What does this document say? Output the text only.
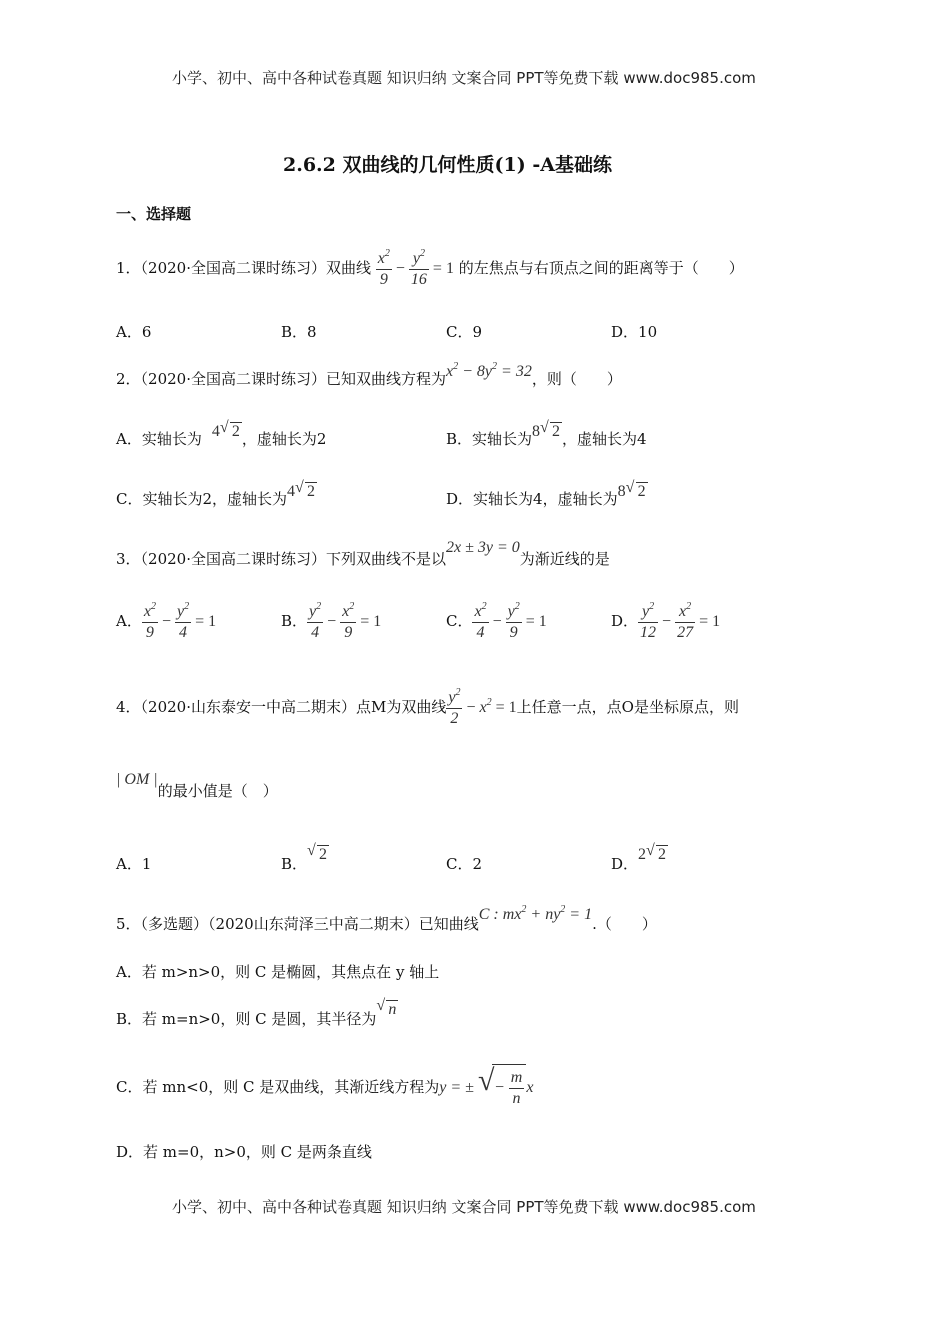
小学、初中、高中各种试卷真题 知识归纳 文案合同 PPT等免费下载 www.doc985.com
2.6.2 双曲线的几何性质(1) -A基础练
一、选择题
1．（2020·全国高二课时练习）双曲线 $\frac{x^2}{9} - \frac{y^2}{16} = 1$ 的左焦点与右顶点之间的距离等于（　　）
A．6	B．8	C．9	D．10
2．（2020·全国高二课时练习）已知双曲线方程为$x^2 - 8y^2 = 32$，则（　　）
A．实轴长为 4 √ 2 ，虚轴长为2	B．实轴长为8 √ 2 ，虚轴长为4
C．实轴长为2，虚轴长为4 √ 2	D．实轴长为4，虚轴长为8 √ 2
3．（2020·全国高二课时练习）下列双曲线不是以2x ± 3y = 0为渐近线的是
A． $\frac{x^2}{9} - \frac{y^2}{4} = 1$	B． $\frac{y^2}{4} - \frac{x^2}{9} = 1$	C． $\frac{x^2}{4} - \frac{y^2}{9} = 1$	D． $\frac{y^2}{12} - \frac{x^2}{27} = 1$
4．（2020·山东泰安一中高二期末）点M为双曲线 $\frac{y^2}{2} - x^2 = 1$上任意一点，点O是坐标原点，则
| OM |的最小值是（　）
A．1	B．
√ 2
C．2	D．2 √ 2
5．（多选题）（2020山东菏泽三中高二期末）已知曲线C : $mx^2 + ny^2 = 1$.（　　）
A．若 m>n>0，则 C 是椭圆，其焦点在 y 轴上
B．若 m=n>0，则 C 是圆，其半径为
√ n
C．若 mn<0，则 C 是双曲线，其渐近线方程为y = ± √ − $\frac{m}{n}$ x
D．若 m=0，n>0，则 C 是两条直线
小学、初中、高中各种试卷真题 知识归纳 文案合同 PPT等免费下载 www.doc985.com
